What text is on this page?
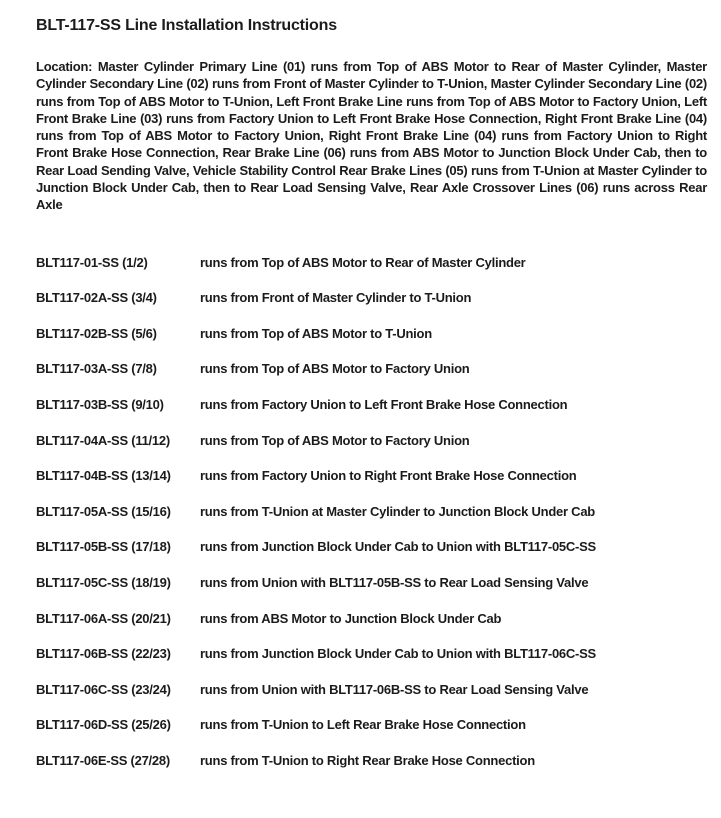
BLT-117-SS Line Installation Instructions

Location: Master Cylinder Primary Line (01) runs from Top of ABS Motor to Rear of Master Cylinder, Master Cylinder Secondary Line (02) runs from Front of Master Cylinder to T-Union, Master Cylinder Secondary Line (02) runs from Top of ABS Motor to T-Union, Left Front Brake Line runs from Top of ABS Motor to Factory Union, Left Front Brake Line (03) runs from Factory Union to Left Front Brake Hose Connection, Right Front Brake Line (04) runs from Top of ABS Motor to Factory Union, Right Front Brake Line (04) runs from Factory Union to Right Front Brake Hose Connection, Rear Brake Line (06) runs from ABS Motor to Junction Block Under Cab, then to Rear Load Sending Valve, Vehicle Stability Control Rear Brake Lines (05) runs from T-Union at Master Cylinder to Junction Block Under Cab, then to Rear Load Sensing Valve, Rear Axle Crossover Lines (06) runs across Rear Axle

BLT117-01-SS (1/2)	runs from Top of ABS Motor to Rear of Master Cylinder
BLT117-02A-SS (3/4)	runs from Front of Master Cylinder to T-Union
BLT117-02B-SS (5/6)	runs from Top of ABS Motor to T-Union
BLT117-03A-SS (7/8)	runs from Top of ABS Motor to Factory Union
BLT117-03B-SS (9/10)	runs from Factory Union to Left Front Brake Hose Connection
BLT117-04A-SS (11/12)	runs from Top of ABS Motor to Factory Union
BLT117-04B-SS (13/14)	runs from Factory Union to Right Front Brake Hose Connection
BLT117-05A-SS (15/16)	runs from T-Union at Master Cylinder to Junction Block Under Cab
BLT117-05B-SS (17/18)	runs from Junction Block Under Cab to Union with BLT117-05C-SS
BLT117-05C-SS (18/19)	runs from Union with BLT117-05B-SS to Rear Load Sensing Valve
BLT117-06A-SS (20/21)	runs from ABS Motor to Junction Block Under Cab
BLT117-06B-SS (22/23)	runs from Junction Block Under Cab to Union with BLT117-06C-SS
BLT117-06C-SS (23/24)	runs from Union with BLT117-06B-SS to Rear Load Sensing Valve
BLT117-06D-SS (25/26)	runs from T-Union to Left Rear Brake Hose Connection
BLT117-06E-SS (27/28)	runs from T-Union to Right Rear Brake Hose Connection
